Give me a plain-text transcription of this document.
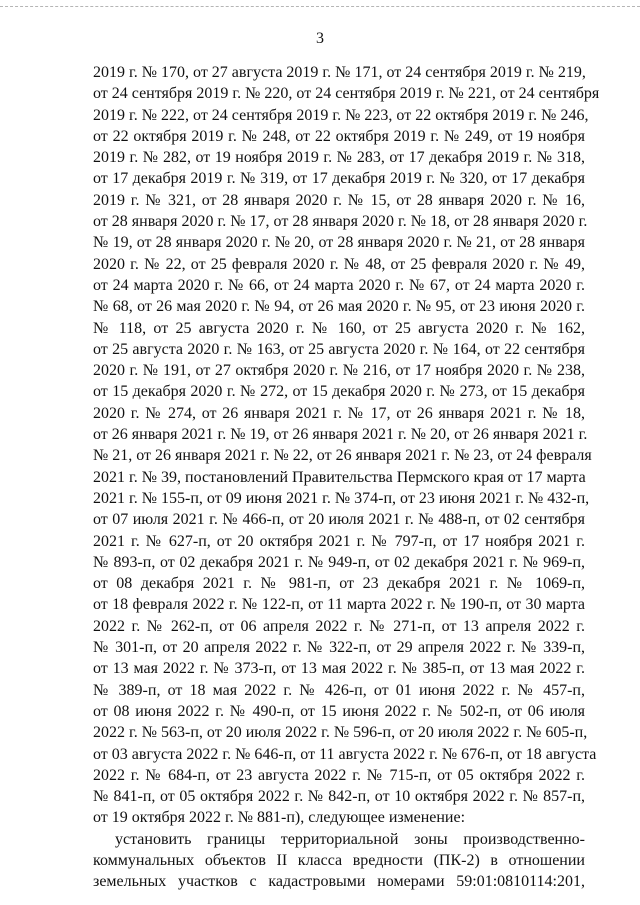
3
2019 г. № 170, от 27 августа 2019 г. № 171, от 24 сентября 2019 г. № 219,
от 24 сентября 2019 г. № 220, от 24 сентября 2019 г. № 221, от 24 сентября
2019 г. № 222, от 24 сентября 2019 г. № 223, от 22 октября 2019 г. № 246,
от 22 октября 2019 г. № 248, от 22 октября 2019 г. № 249, от 19 ноября
2019 г. № 282, от 19 ноября 2019 г. № 283, от 17 декабря 2019 г. № 318,
от 17 декабря 2019 г. № 319, от 17 декабря 2019 г. № 320, от 17 декабря
2019 г. № 321, от 28 января 2020 г. № 15, от 28 января 2020 г. № 16,
от 28 января 2020 г. № 17, от 28 января 2020 г. № 18, от 28 января 2020 г.
№ 19, от 28 января 2020 г. № 20, от 28 января 2020 г. № 21, от 28 января
2020 г. № 22, от 25 февраля 2020 г. № 48, от 25 февраля 2020 г. № 49,
от 24 марта 2020 г. № 66, от 24 марта 2020 г. № 67, от 24 марта 2020 г.
№ 68, от 26 мая 2020 г. № 94, от 26 мая 2020 г. № 95, от 23 июня 2020 г.
№ 118, от 25 августа 2020 г. № 160, от 25 августа 2020 г. № 162,
от 25 августа 2020 г. № 163, от 25 августа 2020 г. № 164, от 22 сентября
2020 г. № 191, от 27 октября 2020 г. № 216, от 17 ноября 2020 г. № 238,
от 15 декабря 2020 г. № 272, от 15 декабря 2020 г. № 273, от 15 декабря
2020 г. № 274, от 26 января 2021 г. № 17, от 26 января 2021 г. № 18,
от 26 января 2021 г. № 19, от 26 января 2021 г. № 20, от 26 января 2021 г.
№ 21, от 26 января 2021 г. № 22, от 26 января 2021 г. № 23, от 24 февраля
2021 г. № 39, постановлений Правительства Пермского края от 17 марта
2021 г. № 155-п, от 09 июня 2021 г. № 374-п, от 23 июня 2021 г. № 432-п,
от 07 июля 2021 г. № 466-п, от 20 июля 2021 г. № 488-п, от 02 сентября
2021 г. № 627-п, от 20 октября 2021 г. № 797-п, от 17 ноября 2021 г.
№ 893-п, от 02 декабря 2021 г. № 949-п, от 02 декабря 2021 г. № 969-п,
от 08 декабря 2021 г. № 981-п, от 23 декабря 2021 г. № 1069-п,
от 18 февраля 2022 г. № 122-п, от 11 марта 2022 г. № 190-п, от 30 марта
2022 г. № 262-п, от 06 апреля 2022 г. № 271-п, от 13 апреля 2022 г.
№ 301-п, от 20 апреля 2022 г. № 322-п, от 29 апреля 2022 г. № 339-п,
от 13 мая 2022 г. № 373-п, от 13 мая 2022 г. № 385-п, от 13 мая 2022 г.
№ 389-п, от 18 мая 2022 г. № 426-п, от 01 июня 2022 г. № 457-п,
от 08 июня 2022 г. № 490-п, от 15 июня 2022 г. № 502-п, от 06 июля
2022 г. № 563-п, от 20 июля 2022 г. № 596-п, от 20 июля 2022 г. № 605-п,
от 03 августа 2022 г. № 646-п, от 11 августа 2022 г. № 676-п, от 18 августа
2022 г. № 684-п, от 23 августа 2022 г. № 715-п, от 05 октября 2022 г.
№ 841-п, от 05 октября 2022 г. № 842-п, от 10 октября 2022 г. № 857-п,
от 19 октября 2022 г. № 881-п), следующее изменение:
установить границы территориальной зоны производственно-
коммунальных объектов II класса вредности (ПК-2) в отношении
земельных участков с кадастровыми номерами 59:01:0810114:201,
